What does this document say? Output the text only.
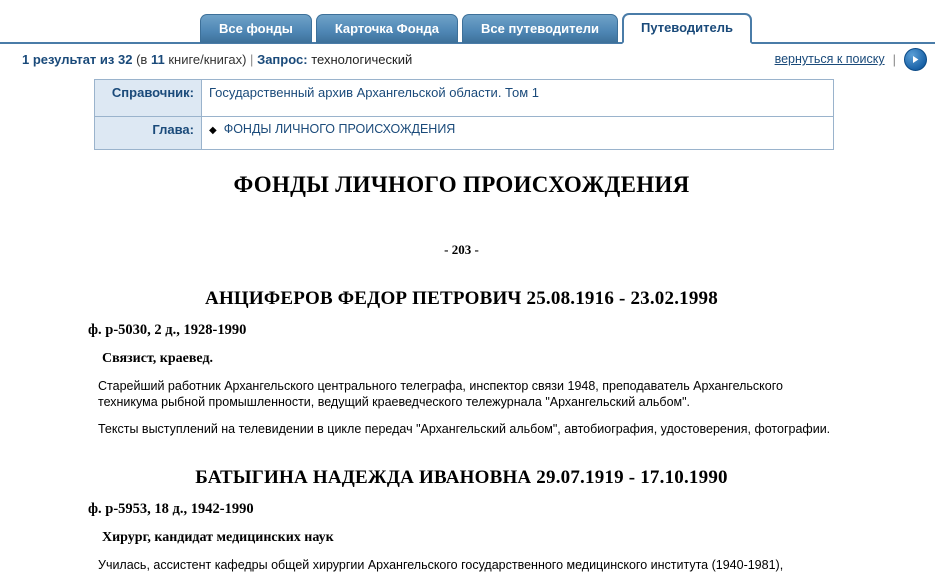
Все фонды	Карточка Фонда	Все путеводители	Путеводитель
1 результат из 32 (в 11 книге/книгах) | Запрос: технологический	вернуться к поиску |
Справочник:	Государственный архив Архангельской области. Том 1
Глава:	◆ ФОНДЫ ЛИЧНОГО ПРОИСХОЖДЕНИЯ
ФОНДЫ ЛИЧНОГО ПРОИСХОЖДЕНИЯ
- 203 -
АНЦИФЕРОВ ФЕДОР ПЕТРОВИЧ 25.08.1916 - 23.02.1998
ф. р-5030, 2 д., 1928-1990
Связист, краевед.
Старейший работник Архангельского центрального телеграфа, инспектор связи 1948, преподаватель Архангельского техникума рыбной промышленности, ведущий краеведческого тележурнала "Архангельский альбом".
Тексты выступлений на телевидении в цикле передач "Архангельский альбом", автобиография, удостоверения, фотографии.
БАТЫГИНА НАДЕЖДА ИВАНОВНА 29.07.1919 - 17.10.1990
ф. р-5953, 18 д., 1942-1990
Хирург, кандидат медицинских наук
Училась, ассистент кафедры общей хирургии Архангельского государственного медицинского института (1940-1981),
